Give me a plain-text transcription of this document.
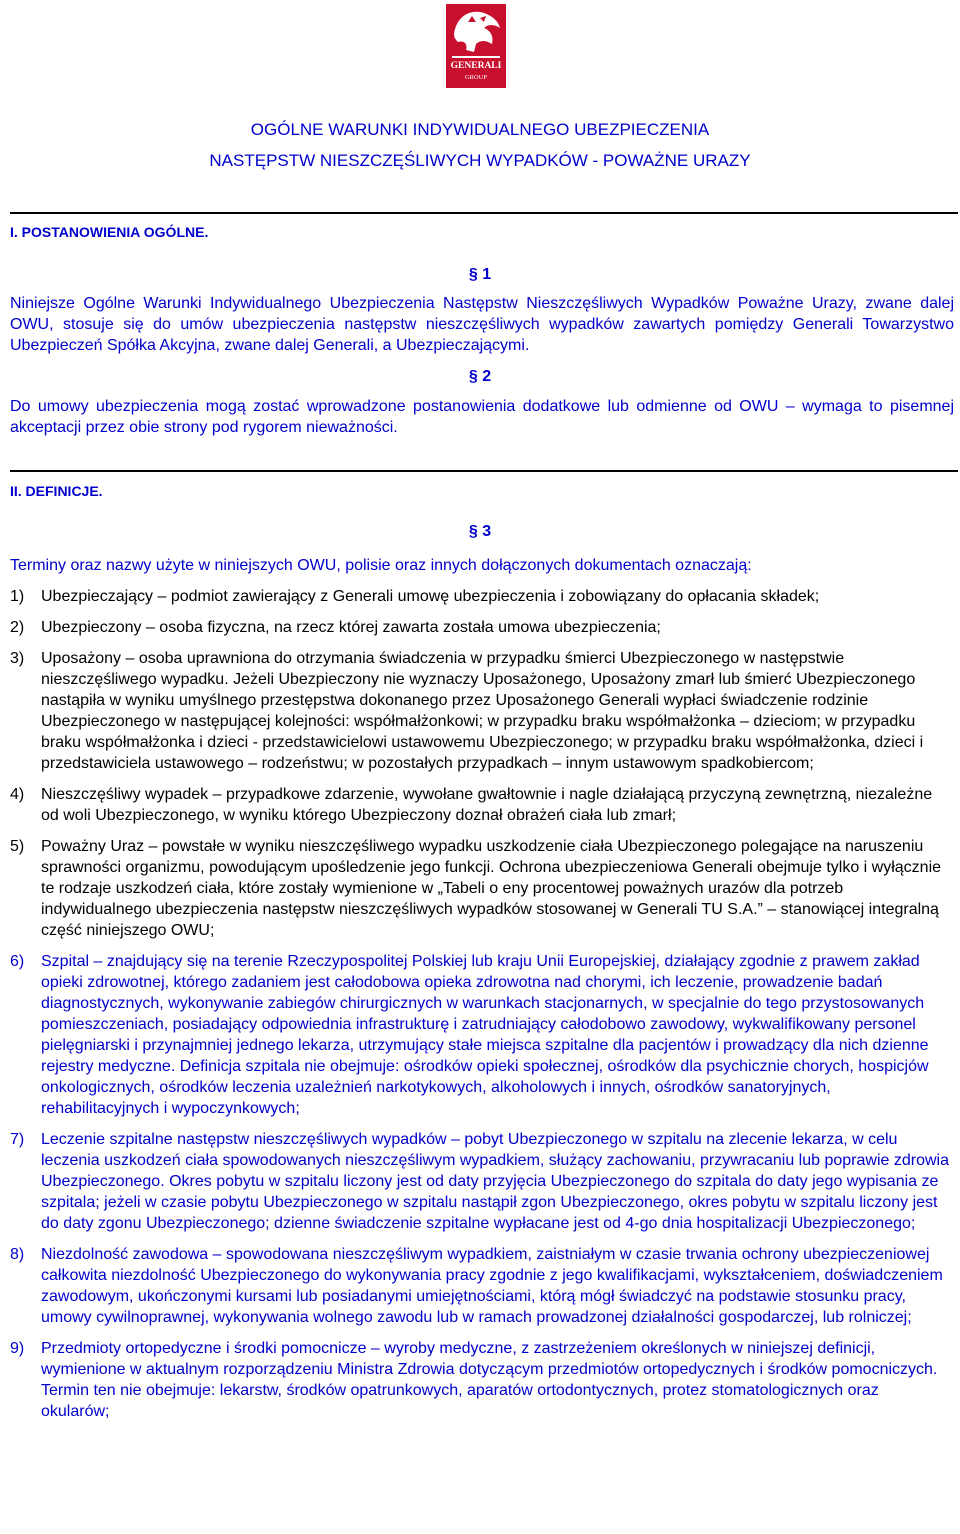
GENERALI
GROUP
OGÓLNE WARUNKI INDYWIDUALNEGO UBEZPIECZENIA
NASTĘPSTW NIESZCZĘŚLIWYCH WYPADKÓW - POWAŻNE URAZY
I. POSTANOWIENIA OGÓLNE.
§ 1
Niniejsze Ogólne Warunki Indywidualnego Ubezpieczenia Następstw Nieszczęśliwych Wypadków Poważne Urazy, zwane dalej OWU, stosuje się do umów ubezpieczenia następstw nieszczęśliwych wypadków zawartych pomiędzy Generali Towarzystwo Ubezpieczeń Spółka Akcyjna, zwane dalej Generali, a Ubezpieczającymi.
§ 2
Do umowy ubezpieczenia mogą zostać wprowadzone postanowienia dodatkowe lub odmienne od OWU – wymaga to pisemnej akceptacji przez obie strony pod rygorem nieważności.
II. DEFINICJE.
§ 3
Terminy oraz nazwy użyte w niniejszych OWU, polisie oraz innych dołączonych dokumentach oznaczają:
1) Ubezpieczający – podmiot zawierający z Generali umowę ubezpieczenia i zobowiązany do opłacania składek;
2) Ubezpieczony – osoba fizyczna, na rzecz której zawarta została umowa ubezpieczenia;
3) Uposażony – osoba uprawniona do otrzymania świadczenia w przypadku śmierci Ubezpieczonego w następstwie nieszczęśliwego wypadku. Jeżeli Ubezpieczony nie wyznaczy Uposażonego, Uposażony zmarł lub śmierć Ubezpieczonego nastąpiła w wyniku umyślnego przestępstwa dokonanego przez Uposażonego Generali wypłaci świadczenie rodzinie Ubezpieczonego w następującej kolejności: współmałżonkowi; w przypadku braku współmałżonka – dzieciom; w przypadku braku współmałżonka i dzieci - przedstawicielowi ustawowemu Ubezpieczonego; w przypadku braku współmałżonka, dzieci i przedstawiciela ustawowego – rodzeństwu; w pozostałych przypadkach – innym ustawowym spadkobiercom;
4) Nieszczęśliwy wypadek – przypadkowe zdarzenie, wywołane gwałtownie i nagle działającą przyczyną zewnętrzną, niezależne od woli Ubezpieczonego, w wyniku którego Ubezpieczony doznał obrażeń ciała lub zmarł;
5) Poważny Uraz – powstałe w wyniku nieszczęśliwego wypadku uszkodzenie ciała Ubezpieczonego polegające na naruszeniu sprawności organizmu, powodującym upośledzenie jego funkcji. Ochrona ubezpieczeniowa Generali obejmuje tylko i wyłącznie te rodzaje uszkodzeń ciała, które zostały wymienione w „Tabeli o eny procentowej poważnych urazów dla potrzeb indywidualnego ubezpieczenia następstw nieszczęśliwych wypadków stosowanej w Generali TU S.A.” – stanowiącej integralną część niniejszego OWU;
6) Szpital – znajdujący się na terenie Rzeczypospolitej Polskiej lub kraju Unii Europejskiej, działający zgodnie z prawem zakład opieki zdrowotnej, którego zadaniem jest całodobowa opieka zdrowotna nad chorymi, ich leczenie, prowadzenie badań diagnostycznych, wykonywanie zabiegów chirurgicznych w warunkach stacjonarnych, w specjalnie do tego przystosowanych pomieszczeniach, posiadający odpowiednia infrastrukturę i zatrudniający całodobowo zawodowy, wykwalifikowany personel pielęgniarski i przynajmniej jednego lekarza, utrzymujący stałe miejsca szpitalne dla pacjentów i prowadzący dla nich dzienne rejestry medyczne. Definicja szpitala nie obejmuje: ośrodków opieki społecznej, ośrodków dla psychicznie chorych, hospicjów onkologicznych, ośrodków leczenia uzależnień narkotykowych, alkoholowych i innych, ośrodków sanatoryjnych, rehabilitacyjnych i wypoczynkowych;
7) Leczenie szpitalne następstw nieszczęśliwych wypadków – pobyt Ubezpieczonego w szpitalu na zlecenie lekarza, w celu leczenia uszkodzeń ciała spowodowanych nieszczęśliwym wypadkiem, służący zachowaniu, przywracaniu lub poprawie zdrowia Ubezpieczonego. Okres pobytu w szpitalu liczony jest od daty przyjęcia Ubezpieczonego do szpitala do daty jego wypisania ze szpitala; jeżeli w czasie pobytu Ubezpieczonego w szpitalu nastąpił zgon Ubezpieczonego, okres pobytu w szpitalu liczony jest do daty zgonu Ubezpieczonego; dzienne świadczenie szpitalne wypłacane jest od 4-go dnia hospitalizacji Ubezpieczonego;
8) Niezdolność zawodowa – spowodowana nieszczęśliwym wypadkiem, zaistniałym w czasie trwania ochrony ubezpieczeniowej całkowita niezdolność Ubezpieczonego do wykonywania pracy zgodnie z jego kwalifikacjami, wykształceniem, doświadczeniem zawodowym, ukończonymi kursami lub posiadanymi umiejętnościami, którą mógł świadczyć na podstawie stosunku pracy, umowy cywilnoprawnej, wykonywania wolnego zawodu lub w ramach prowadzonej działalności gospodarczej, lub rolniczej;
9) Przedmioty ortopedyczne i środki pomocnicze – wyroby medyczne, z zastrzeżeniem określonych w niniejszej definicji, wymienione w aktualnym rozporządzeniu Ministra Zdrowia dotyczącym przedmiotów ortopedycznych i środków pomocniczych. Termin ten nie obejmuje: lekarstw, środków opatrunkowych, aparatów ortodontycznych, protez stomatologicznych oraz okularów;
